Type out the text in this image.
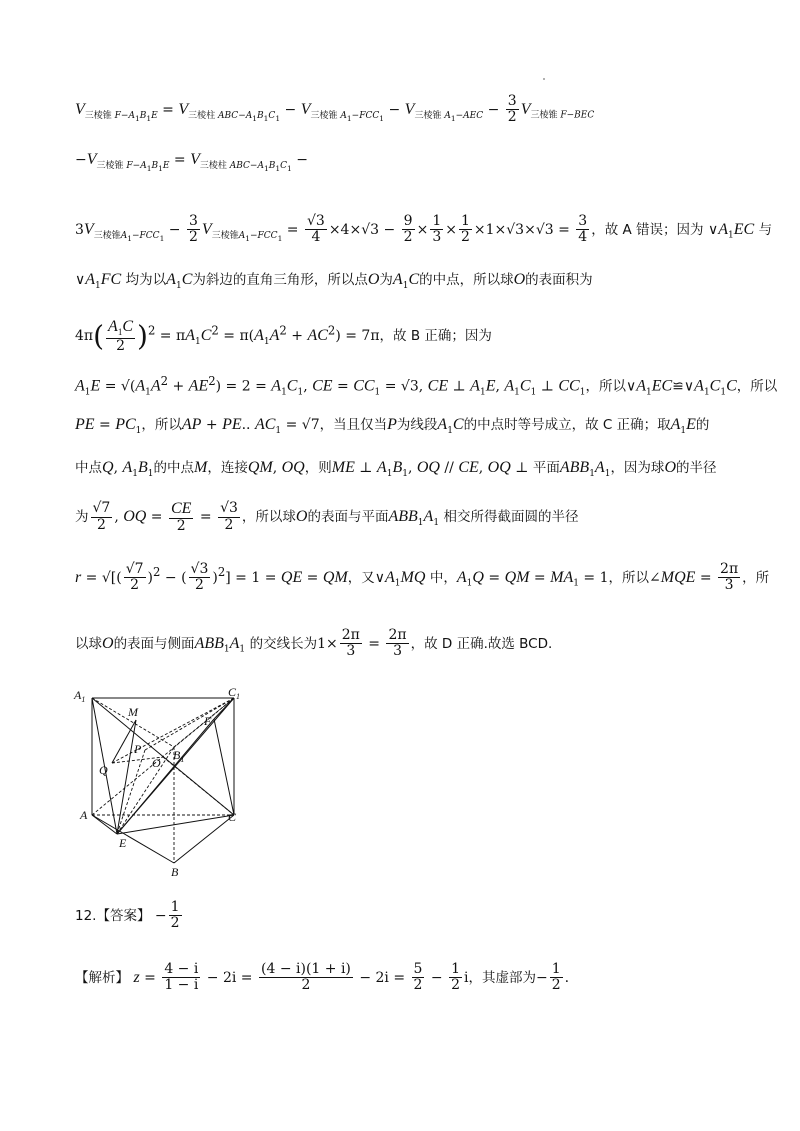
$V_{三棱锥 F-A_1B_1E} = V_{三棱柱 ABC-A_1B_1C_1} - V_{三棱锥 A_1-FCC_1} - V_{三棱锥 A_1-AEC} - \frac{3}{2} V_{三棱锥 F-BEC}$
$-V_{三棱锥 F-A_1B_1E} = V_{三棱柱 ABC-A_1B_1C_1}$ −
$3V_{三棱锥A_1-FCC_1} - \frac{3}{2} V_{三棱锥A_1-FCC_1} = \frac{√3}{4} \times 4\times√3 - \frac{9}{2} \times \frac{1}{3} \times \frac{1}{2} \times 1\times√3\times√3 = \frac{3}{4}$ ，故 A 错误；因为 $\vee A_1EC$ 与
$\vee A_1FC$ 均为以$A_1C$为斜边的直角三角形，所以点O为$A_1C$的中点，所以球O的表面积为
$4\pi( \frac{A_1C}{2} )^2 = \pi A_1C^2 = \pi(A_1A^2 + AC^2) = 7\pi$，故 B 正确；因为
$A_1E = √(A_1A^2 + AE^2) = 2 = A_1C_1$, CE = $CC_1 = √3$, CE ⊥ $A_1E$, $A_1C_1$ ⊥ $CC_1$，所以$\vee A_1EC≌\vee A_1C_1C$，所以
PE = $PC_1$，所以AP + PE.. $AC_1 = √7$，当且仅当P为线段$A_1C$的中点时等号成立，故 C 正确；取$A_1E$的
中点Q, $A_1B_1$的中点M，连接QM, OQ，则ME ⊥ $A_1B_1$, OQ // CE, OQ ⊥ 平面$ABB_1A_1$，因为球O的半径
为 $\frac{√7}{2}$ , OQ = $\frac{CE}{2} = \frac{√3}{2}$ ，所以球O的表面与平面$ABB_1A_1$ 相交所得截面圆的半径
r = √[( $\frac{√7}{2} )^2$ − ( $\frac{√3}{2} )^2] = 1$ = QE = QM，又$\vee A_1MQ$ 中，$A_1Q$ = QM = $MA_1 = 1$，所以∠MQE = $\frac{2\pi}{3}$ ，所
以球O的表面与侧面$ABB_1A_1$ 的交线长为$1\times \frac{2\pi}{3} = \frac{2\pi}{3}$ ，故 D 正确.故选 BCD.
$A_1$
$C_1$
M
F
P	$B_1$
O
Q
A	C
E
B
12.【答案】 − $\frac{1}{2}$
【解析】 $z = \frac{4 - i}{1 - i} - 2i = \frac{(4 - i)(1 + i)}{2} - 2i = \frac{5}{2} - \frac{1}{2}$ i，其虚部为− $\frac{1}{2}$ .
